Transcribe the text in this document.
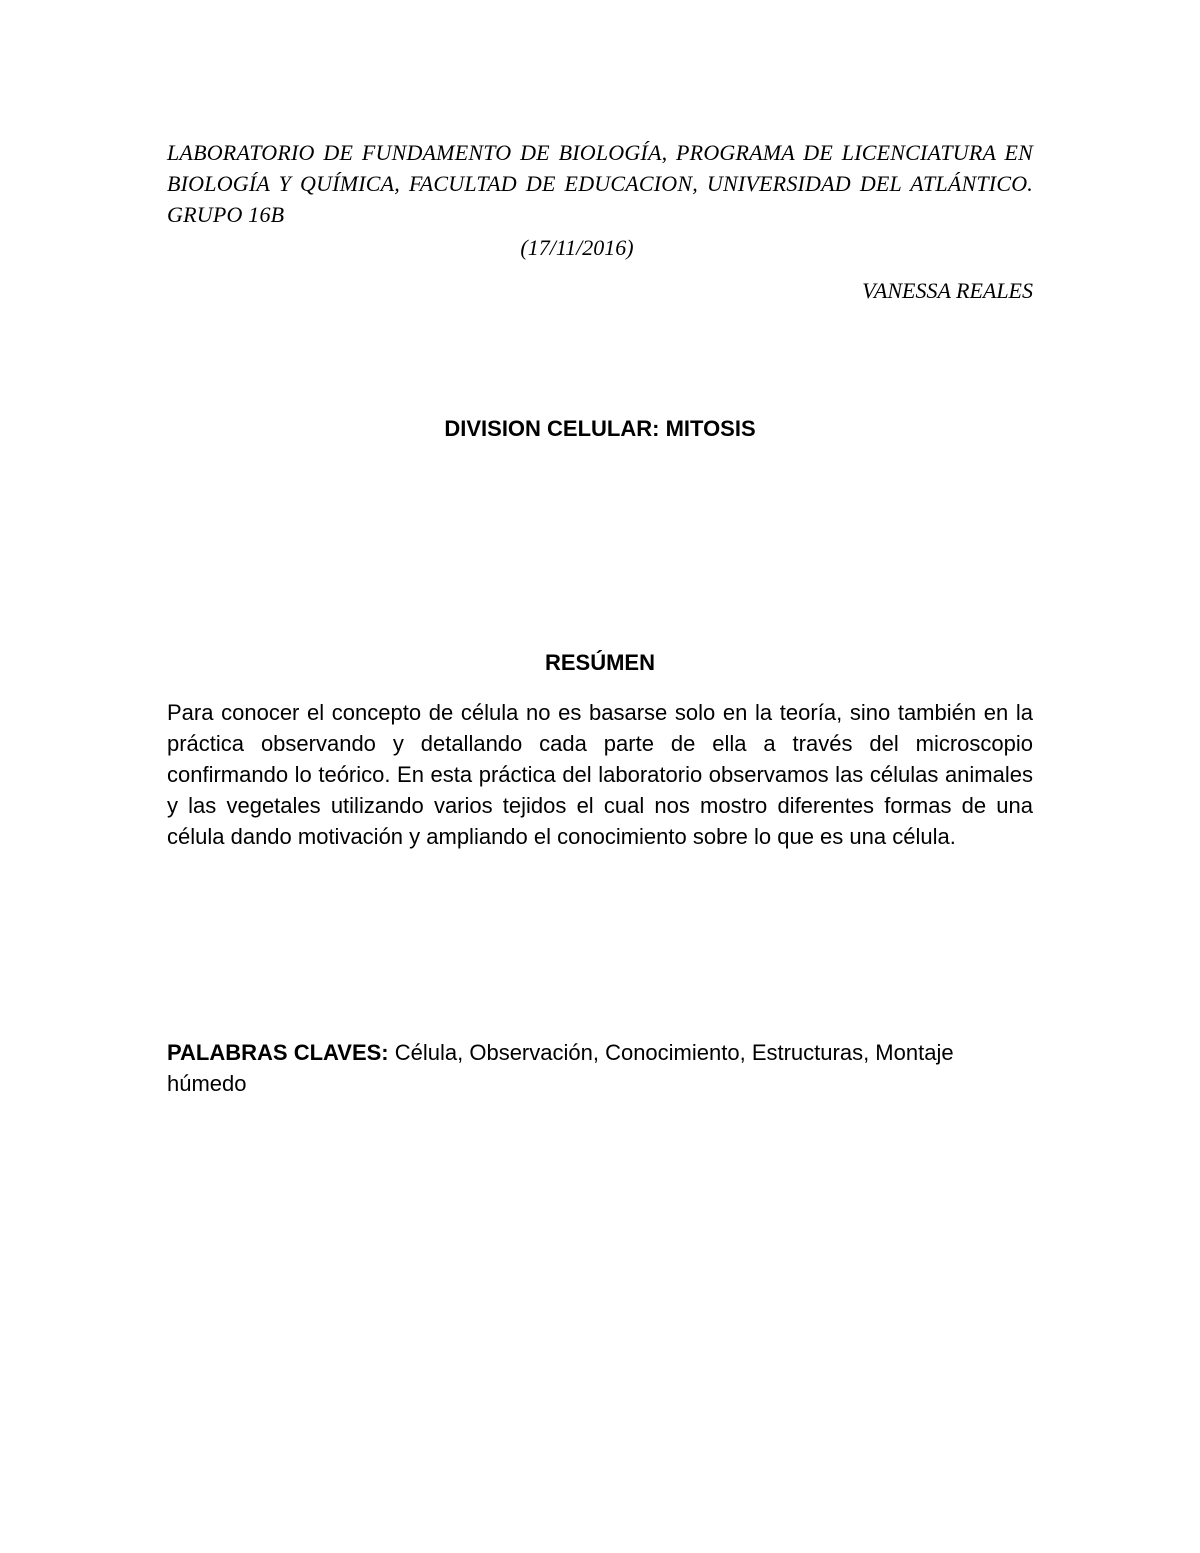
LABORATORIO DE FUNDAMENTO DE BIOLOGÍA, PROGRAMA DE LICENCIATURA EN BIOLOGÍA Y QUÍMICA, FACULTAD DE EDUCACION, UNIVERSIDAD DEL ATLÁNTICO. GRUPO 16B
(17/11/2016)
VANESSA REALES
DIVISION CELULAR: MITOSIS
RESÚMEN

Para conocer el concepto de célula no es basarse solo en la teoría, sino también en la práctica observando y detallando cada parte de ella a través del microscopio confirmando lo teórico. En esta práctica del laboratorio observamos las células animales y las vegetales utilizando varios tejidos el cual nos mostro diferentes formas de una célula dando motivación y ampliando el conocimiento sobre lo que es una célula.

PALABRAS CLAVES: Célula, Observación, Conocimiento, Estructuras, Montaje húmedo
